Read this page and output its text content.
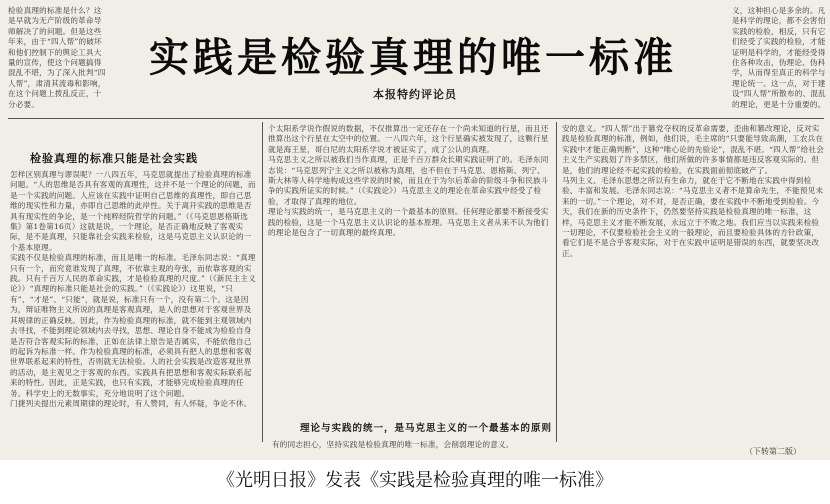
检验真理的标准是什么？这是早就为无产阶级的革命导师解决了的问题。但是这些年来，由于“四人帮”的破坏和他们控制下的舆论工具大量的宣传，使这个问题搞得混乱不堪，为了深入批判“四人帮”，肃清其流毒和影响，在这个问题上拨乱反正，十分必要。
实践是检验真理的唯一标准
本报特约评论员
义，这种担心是多余的。凡是科学的理论，都不会害怕实践的检验，相反，只有它们经受了实践的检验，才能证明是科学的，才能经受得住各种攻击，伪理论、伪科学，从而得至真正的科学与理论统一。这一点，对于建设“四人帮”所散布的、混乱的理论，更是十分重要的。
检验真理的标准只能是社会实践
怎样区别真理与谬误呢？一八四五年，马克思就提出了检验真理的标准问题。“人的思维是否具有客观的真理性，这并不是一个理论的问题，而是一个实践的问题。人应该在实践中证明自己思维的真理性，即自己思维的现实性和力量，亦即自己思维的此岸性。关于离开实践的思维是否具有现实性的争论，是一个纯粹经院哲学的问题。”（《马克思恩格斯选集》第1卷第16页）这就是说，一个理论，是否正确地反映了客观实际，是不是真理，只能靠社会实践来检验，这是马克思主义认识论的一个基本原理。
实践不仅是检验真理的标准，而且是唯一的标准。毛泽东同志说：“真理只有一个，而究竟谁发现了真理，不依靠主观的夸张，而依靠客观的实践。只有千百万人民的革命实践，才是检验真理的尺度。”（《新民主主义论》）“真理的标准只能是社会的实践。”（《实践论》）这里说，“只有”、“才是”、“只能”，就是说，标准只有一个，没有第二个。这是因为，辩证唯物主义所说的真理是客观真理，是人的思想对于客观世界及其规律的正确反映。因此，作为检验真理的标准，就不能到主观领域内去寻找，不能到理论领域内去寻找，思想、理论自身不能成为检验自身是否符合客观实际的标准，正如在法律上原告是否属实，不能依他自己的起诉为标准一样。作为检验真理的标准，必须具有把人的思想和客观世界联系起来的特性，否则就无法检验。人的社会实践是改造客观世界的活动，是主观见之于客观的东西。实践具有把思想和客观实际联系起来的特性。因此，正是实践，也只有实践，才能够完成检验真理的任务。科学史上的无数事实，充分地说明了这个问题。
门捷列夫提出元素周期律的理论时，有人赞同，有人怀疑，争论不休。
个太阳系学说作假说的数据，不仅推算出一定还存在一个尚未知道的行星，而且还推算出这个行星在太空中的位置。一八四六年，这个行星确实被发现了，这颗行星就是海王星，哥白尼的太阳系学说才被证实了，成了公认的真理。
马克思主义之所以被我们当作真理，正是千百万群众长期实践证明了的。毛泽东同志说：“马克思列宁主义之所以被称为真理，也不但在于马克思、恩格斯、列宁、斯大林等人科学地构成这些学说的时候，而且在于为尔后革命的阶级斗争和民族斗争的实践所证实的时候。”（《实践论》）马克思主义的理论在革命实践中经受了检验，才取得了真理的地位。
理论与实践的统一，是马克思主义的一个最基本的原则。任何理论都要不断接受实践的检验，这是一个马克思主义认识论的基本原理。马克思主义者从来不认为他们的理论是包含了一切真理的最终真理。
理论与实践的统一，是马克思主义的一个最基本的原则
有的同志担心，坚持实践是检验真理的唯一标准，会削弱理论的意义。
安的意义。“四人帮”出于篡党夺权的反革命需要，歪曲和篡改理论，反对实践是检验真理的标准，例如，他们说，毛主席的“只要能导致高潮，工农兵在实践中才能正确判断”，这种“唯心论的先验论”，混乱不堪。“四人帮”给社会主义生产实践划了许多禁区，他们所做的许多事情都是违反客观实际的。但是，他们的理论经不起实践的检验，在实践面前彻底破产了。
马列主义、毛泽东思想之所以有生命力，就在于它不断地在实践中得到检验、丰富和发展。毛泽东同志说：“马克思主义者不是算命先生，不能预见未来的一切。”一个理论，对不对，是否正确，要在实践中不断地受到检验。今天，我们在新的历史条件下，仍然要坚持实践是检验真理的唯一标准，这样，马克思主义才能不断发展，永远立于不败之地。我们应当以实践来检验一切理论，不仅要检验社会主义的一般理论，而且要检验具体的方针政策，看它们是不是合乎客观实际，对于在实践中证明是错误的东西，就要坚决改正。
（下转第二版）
《光明日报》发表《实践是检验真理的唯一标准》
